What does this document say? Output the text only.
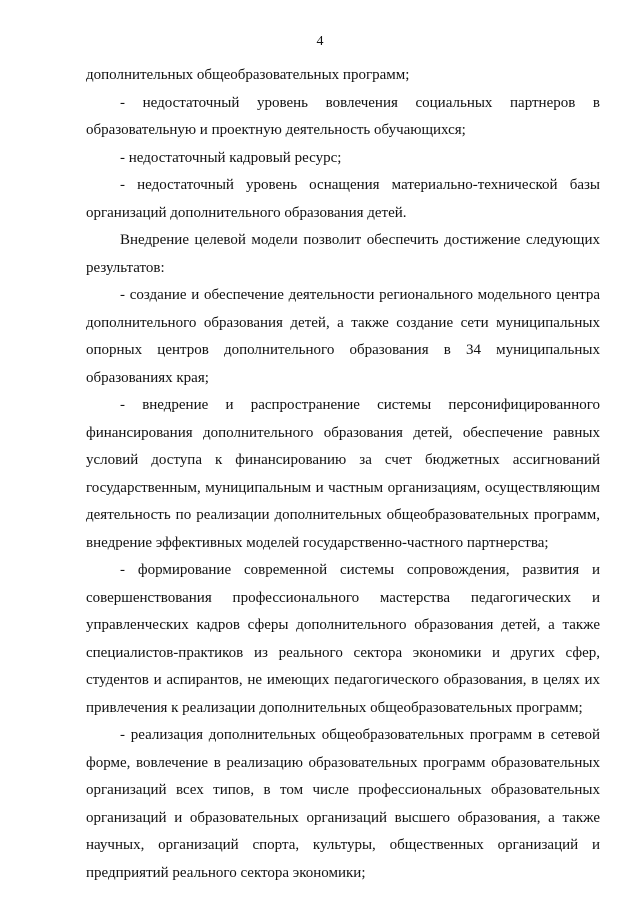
4

дополнительных общеобразовательных программ;

- недостаточный уровень вовлечения социальных партнеров в образовательную и проектную деятельность обучающихся;

- недостаточный кадровый ресурс;

- недостаточный уровень оснащения материально-технической базы организаций дополнительного образования детей.

Внедрение целевой модели позволит обеспечить достижение следующих результатов:

- создание и обеспечение деятельности регионального модельного центра дополнительного образования детей, а также создание сети муниципальных опорных центров дополнительного образования в 34 муниципальных образованиях края;

- внедрение и распространение системы персонифицированного финансирования дополнительного образования детей, обеспечение равных условий доступа к финансированию за счет бюджетных ассигнований государственным, муниципальным и частным организациям, осуществляющим деятельность по реализации дополнительных общеобразовательных программ, внедрение эффективных моделей государственно-частного партнерства;

- формирование современной системы сопровождения, развития и совершенствования профессионального мастерства педагогических и управленческих кадров сферы дополнительного образования детей, а также специалистов-практиков из реального сектора экономики и других сфер, студентов и аспирантов, не имеющих педагогического образования, в целях их привлечения к реализации дополнительных общеобразовательных программ;

- реализация дополнительных общеобразовательных программ в сетевой форме, вовлечение в реализацию образовательных программ образовательных организаций всех типов, в том числе профессиональных образовательных организаций и образовательных организаций высшего образования, а также научных, организаций спорта, культуры, общественных организаций и предприятий реального сектора экономики;
